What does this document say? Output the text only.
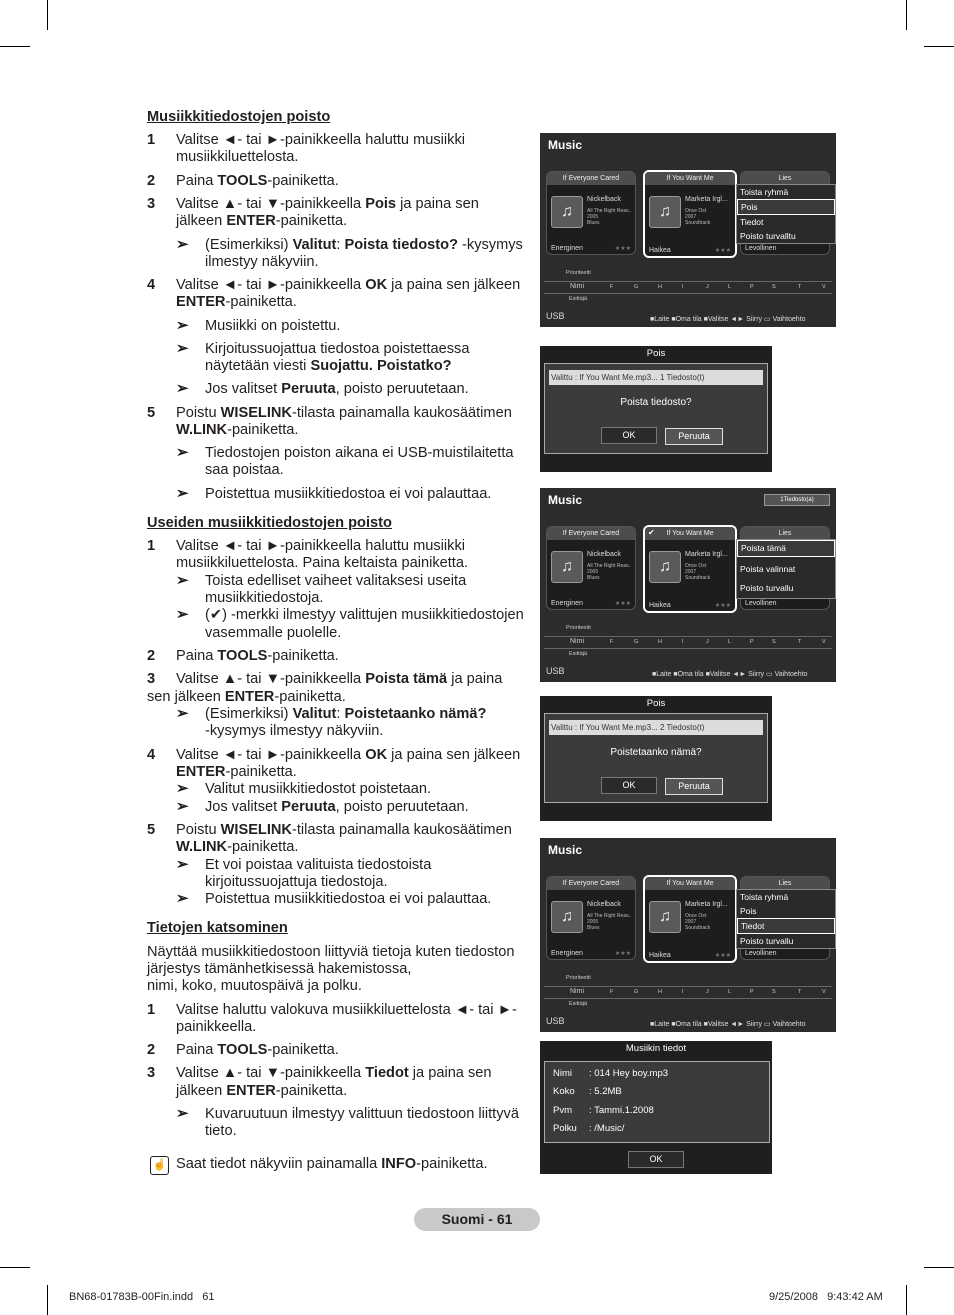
Musiikkitiedostojen poisto
1 Valitse ◄- tai ►-painikkeella haluttu musiikki
musiikkiluettelosta.
2 Paina TOOLS-painiketta.
3 Valitse ▲- tai ▼-painikkeella Pois ja paina sen
jälkeen ENTER-painiketta.
➢ (Esimerkiksi) Valitut: Poista tiedosto? -kysymys
ilmestyy näkyviin.
4 Valitse ◄- tai ►-painikkeella OK ja paina sen jälkeen
ENTER-painiketta.
➢ Musiikki on poistettu.
➢ Kirjoitussuojattua tiedostoa poistettaessa
näytetään viesti Suojattu. Poistatko?
➢ Jos valitset Peruuta, poisto peruutetaan.
5 Poistu WISELINK-tilasta painamalla kaukosäätimen
W.LINK-painiketta.
➢ Tiedostojen poiston aikana ei USB-muistilaitetta
saa poistaa.
➢ Poistettua musiikkitiedostoa ei voi palauttaa.
Useiden musiikkitiedostojen poisto
1 Valitse ◄- tai ►-painikkeella haluttu musiikki
musiikkiluettelosta. Paina keltaista painiketta.
➢ Toista edelliset vaiheet valitaksesi useita
musiikkitiedostoja.
➢ (✔) -merkki ilmestyy valittujen musiikkitiedostojen
vasemmalle puolelle.
2 Paina TOOLS-painiketta.
3 Valitse ▲- tai ▼-painikkeella Poista tämä ja paina
sen jälkeen ENTER-painiketta.
➢ (Esimerkiksi) Valitut: Poistetaanko nämä?
-kysymys ilmestyy näkyviin.
4 Valitse ◄- tai ►-painikkeella OK ja paina sen jälkeen
ENTER-painiketta.
➢ Valitut musiikkitiedostot poistetaan.
➢ Jos valitset Peruuta, poisto peruutetaan.
5 Poistu WISELINK-tilasta painamalla kaukosäätimen
W.LINK-painiketta.
➢ Et voi poistaa valituista tiedostoista
kirjoitussuojattuja tiedostoja.
➢ Poistettua musiikkitiedostoa ei voi palauttaa.
Tietojen katsominen
Näyttää musiikkitiedostoon liittyviä tietoja kuten tiedoston
järjestys tämänhetkisessä hakemistossa,
nimi, koko, muutospäivä ja polku.
1 Valitse haluttu valokuva musiikkiluettelosta ◄- tai ►-
painikkeella.
2 Paina TOOLS-painiketta.
3 Valitse ▲- tai ▼-painikkeella Tiedot ja paina sen
jälkeen ENTER-painiketta.
➢ Kuvaruutuun ilmestyy valittuun tiedostoon liittyvä
tieto.
☝ Saat tiedot näkyviin painamalla INFO-painiketta.
Music
If Everyone Cared
♫
Nickelback
All The Right Reas..
2005
Blues
Energinen	★★★
If You Want Me
♫
Marketa Irgl...
Once Ost
2007
Soundtrack
Haikea	★★★
Lies
Levollinen
Toista ryhmä
Pois
Tiedot
Poisto turvalltu
Prioriteetti
Nimi	F	G	H	I	J	L	P	S	T	V
Esittäjä
USB	■Laite ■Oma tila ■Valitse ◄► Siirry ▭ Vaihtoehto
Pois
Valittu : If You Want Me.mp3... 1 Tiedosto(t)
Poista tiedosto?
OK	Peruuta
Music	1Tiedosto(a)
If Everyone Cared
♫
Nickelback
All The Right Reas..
2005
Blues
Energinen	★★★
If You Want Me
✔
♫
Marketa Irgl...
Once Ost
2007
Soundtrack
Haikea	★★★
Lies
Levollinen
Poista tämä
Poista valinnat
Poisto turvallu
Prioriteetti
Nimi	F	G	H	I	J	L	P	S	T	V
Esittäjä
USB	■Laite ■Oma tila ■Valitse ◄► Siirry ▭ Vaihtoehto
Pois
Valittu : If You Want Me.mp3... 2 Tiedosto(t)
Poistetaanko nämä?
OK	Peruuta
Music
If Everyone Cared
♫
Nickelback
All The Right Reas..
2005
Blues
Energinen	★★★
If You Want Me
♫
Marketa Irgl...
Once Ost
2007
Soundtrack
Haikea	★★★
Lies
Levollinen
Toista ryhmä
Pois
Tiedot
Poisto turvallu
Prioriteetti
Nimi	F	G	H	I	J	L	P	S	T	V
Esittäjä
USB	■Laite ■Oma tila ■Valitse ◄► Siirry ▭ Vaihtoehto
Musiikin tiedot
Nimi : 014 Hey boy.mp3
Koko : 5.2MB
Pvm : Tammi.1.2008
Polku : /Music/
OK
Suomi - 61
BN68-01783B-00Fin.indd   61	9/25/2008   9:43:42 AM
